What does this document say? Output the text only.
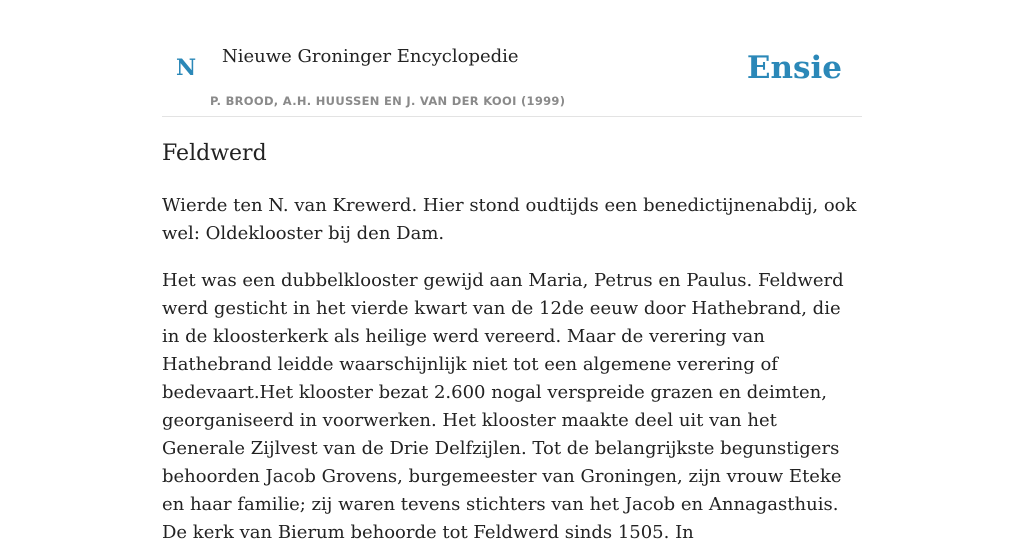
N Nieuwe Groninger Encyclopedie
P. BROOD, A.H. HUUSSEN EN J. VAN DER KOOI (1999)
Ensie
Feldwerd

Wierde ten N. van Krewerd. Hier stond oudtijds een benedictijnenabdij, ook wel: Oldeklooster bij den Dam.

Het was een dubbelklooster gewijd aan Maria, Petrus en Paulus. Feldwerd werd gesticht in het vierde kwart van de 12de eeuw door Hathebrand, die in de kloosterkerk als heilige werd vereerd. Maar de verering van Hathebrand leidde waarschijnlijk niet tot een algemene verering of bedevaart.Het klooster bezat 2.600 nogal verspreide grazen en deimten, georganiseerd in voorwerken. Het klooster maakte deel uit van het Generale Zijlvest van de Drie Delfzijlen. Tot de belangrijkste begunstigers behoorden Jacob Grovens, burgemeester van Groningen, zijn vrouw Eteke en haar familie; zij waren tevens stichters van het Jacob en Annagasthuis. De kerk van Bierum behoorde tot Feldwerd sinds 1505. In
